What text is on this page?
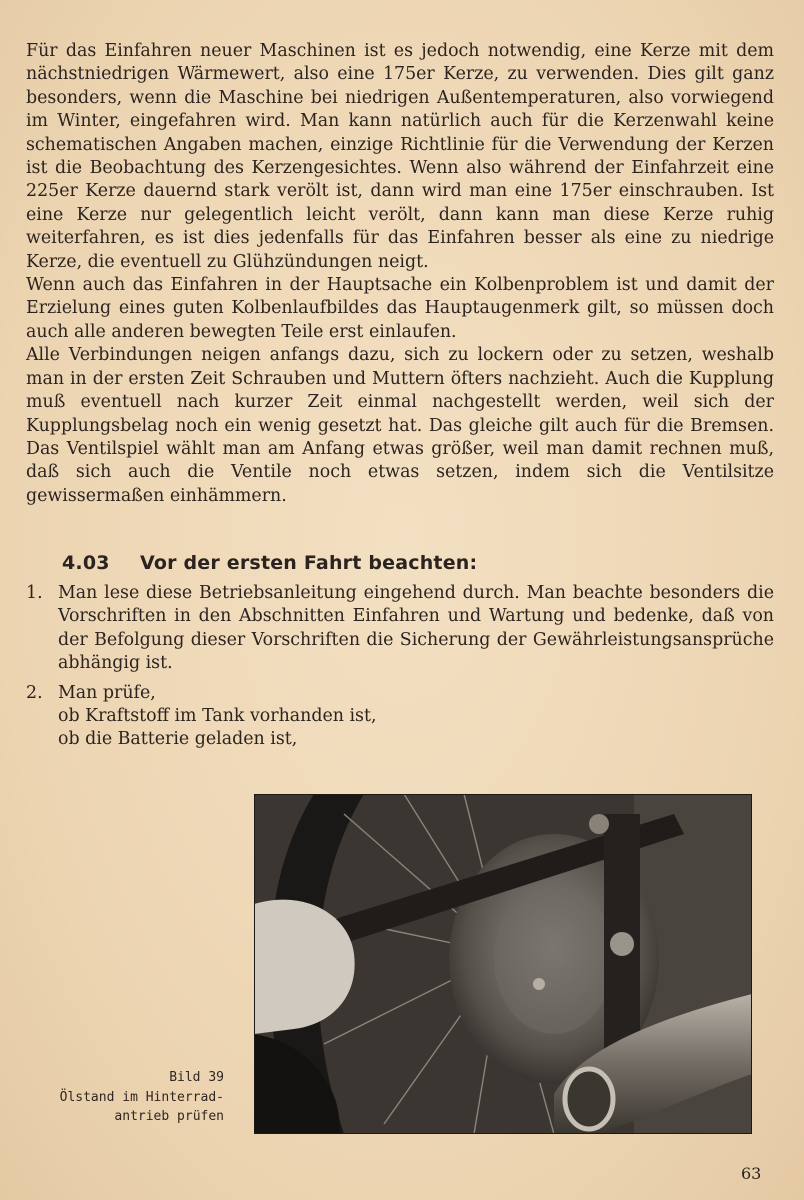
Für das Einfahren neuer Maschinen ist es jedoch notwendig, eine Kerze mit dem nächstniedrigen Wärmewert, also eine 175er Kerze, zu verwenden. Dies gilt ganz besonders, wenn die Maschine bei niedrigen Außentemperaturen, also vorwiegend im Winter, eingefahren wird. Man kann natürlich auch für die Kerzenwahl keine schematischen Angaben machen, einzige Richtlinie für die Verwendung der Kerzen ist die Beobachtung des Kerzengesichtes. Wenn also während der Einfahrzeit eine 225er Kerze dauernd stark verölt ist, dann wird man eine 175er einschrauben. Ist eine Kerze nur gelegentlich leicht verölt, dann kann man diese Kerze ruhig weiterfahren, es ist dies jedenfalls für das Einfahren besser als eine zu niedrige Kerze, die eventuell zu Glühzündungen neigt.

Wenn auch das Einfahren in der Hauptsache ein Kolbenproblem ist und damit der Erzielung eines guten Kolbenlaufbildes das Hauptaugenmerk gilt, so müssen doch auch alle anderen bewegten Teile erst einlaufen.

Alle Verbindungen neigen anfangs dazu, sich zu lockern oder zu setzen, weshalb man in der ersten Zeit Schrauben und Muttern öfters nachzieht. Auch die Kupplung muß eventuell nach kurzer Zeit einmal nachgestellt werden, weil sich der Kupplungsbelag noch ein wenig gesetzt hat. Das gleiche gilt auch für die Bremsen. Das Ventilspiel wählt man am Anfang etwas größer, weil man damit rechnen muß, daß sich auch die Ventile noch etwas setzen, indem sich die Ventilsitze gewissermaßen einhämmern.

4.03 Vor der ersten Fahrt beachten:
1. Man lese diese Betriebsanleitung eingehend durch. Man beachte besonders die Vorschriften in den Abschnitten Einfahren und Wartung und bedenke, daß von der Befolgung dieser Vorschriften die Sicherung der Gewährleistungsansprüche abhängig ist.
2. Man prüfe,
ob Kraftstoff im Tank vorhanden ist,
ob die Batterie geladen ist,
Bild 39
Ölstand im Hinterrad-
antrieb prüfen
63
